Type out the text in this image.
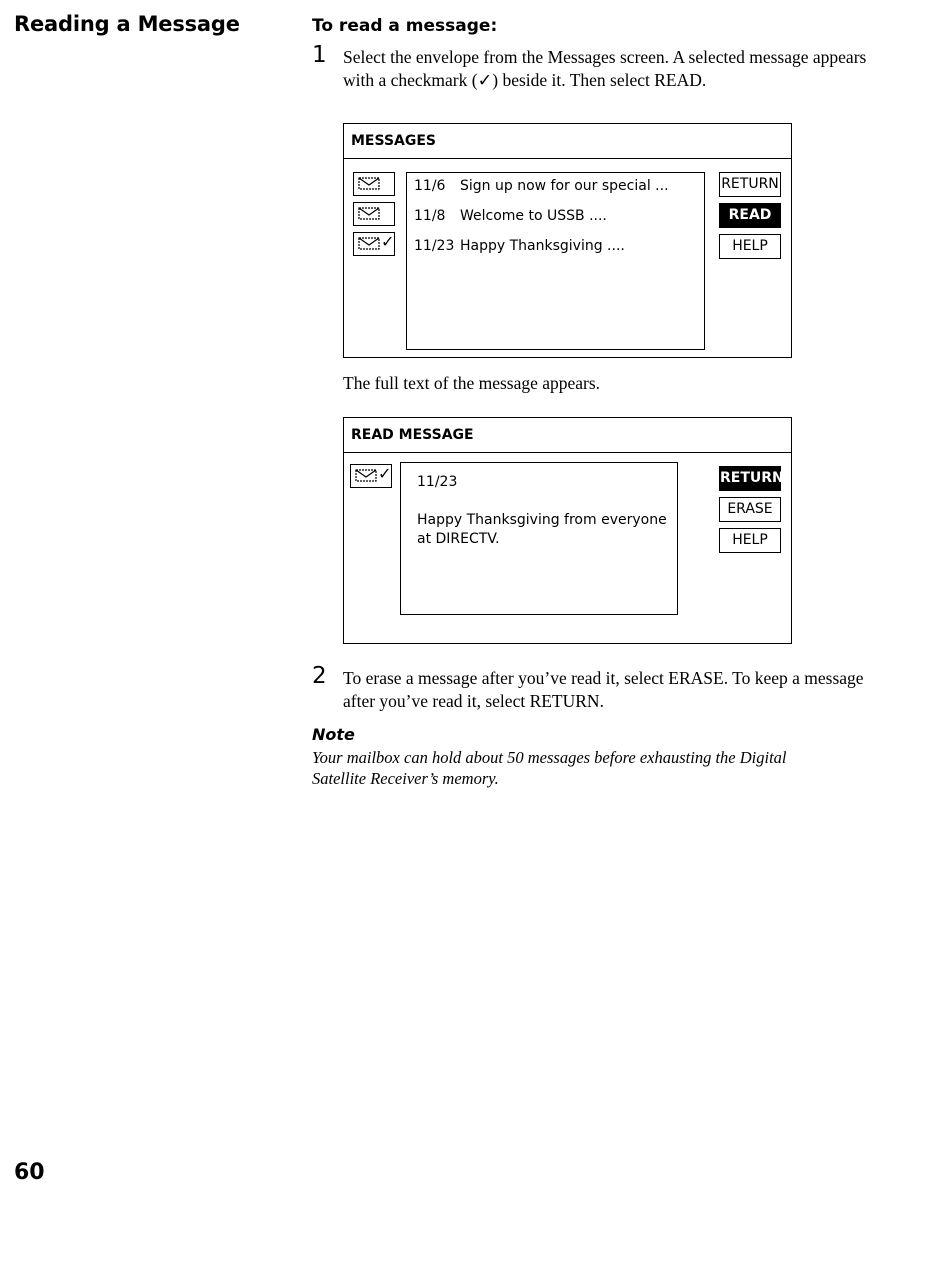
Reading a Message	To read a message:
1 Select the envelope from the Messages screen. A selected message appears with a checkmark (✓) beside it. Then select READ.
MESSAGES
✓
11/6 Sign up now for our special ...
11/8 Welcome to USSB ....
11/23 Happy Thanksgiving ....
RETURN
READ
HELP
The full text of the message appears.
READ MESSAGE
✓ 11/23
Happy Thanksgiving from everyone
at DIRECTV.
RETURN
ERASE
HELP
2 To erase a message after you’ve read it, select ERASE. To keep a message after you’ve read it, select RETURN.
Note
Your mailbox can hold about 50 messages before exhausting the Digital Satellite Receiver’s memory.
60
